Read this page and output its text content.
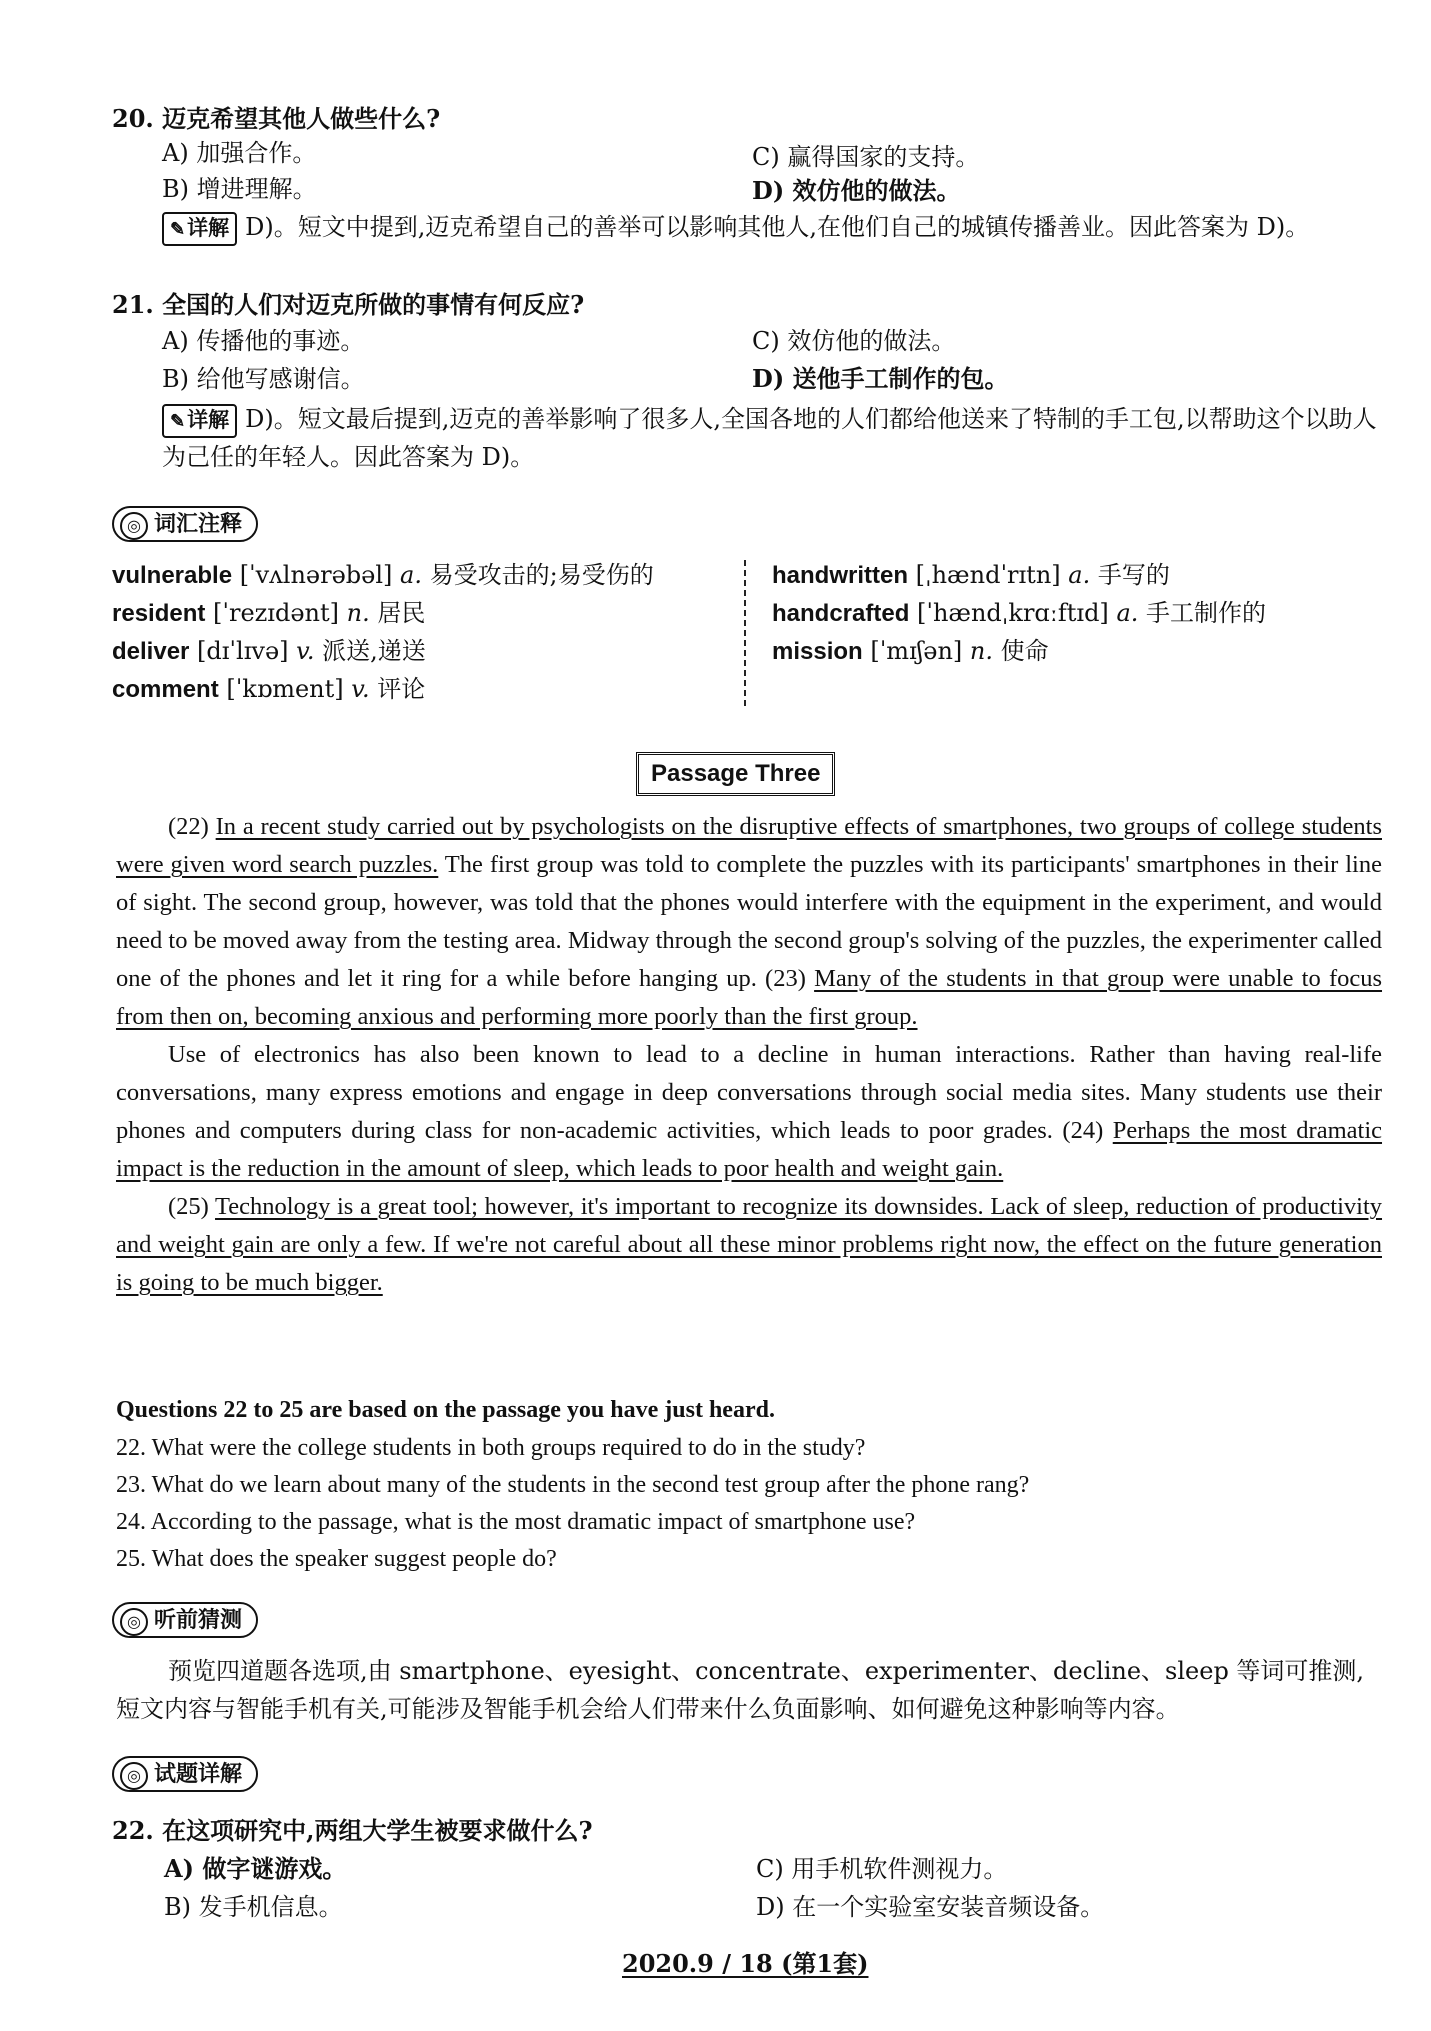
20. 迈克希望其他人做些什么?
A) 加强合作。	C) 赢得国家的支持。
B) 增进理解。	D) 效仿他的做法。
✎详解 D)。短文中提到,迈克希望自己的善举可以影响其他人,在他们自己的城镇传播善业。因此答案为 D)。
21. 全国的人们对迈克所做的事情有何反应?
A) 传播他的事迹。	C) 效仿他的做法。
B) 给他写感谢信。	D) 送他手工制作的包。
✎详解 D)。短文最后提到,迈克的善举影响了很多人,全国各地的人们都给他送来了特制的手工包,以帮助这个以助人为己任的年轻人。因此答案为 D)。
◎ 词汇注释
vulnerable [ˈvʌlnərəbəl] a. 易受攻击的;易受伤的
resident [ˈrezɪdənt] n. 居民
deliver [dɪˈlɪvə] v. 派送,递送
comment [ˈkɒment] v. 评论
handwritten [ˌhændˈrɪtn] a. 手写的
handcrafted [ˈhændˌkrɑːftɪd] a. 手工制作的
mission [ˈmɪʃən] n. 使命
Passage Three
(22) In a recent study carried out by psychologists on the disruptive effects of smartphones, two groups of college students were given word search puzzles. The first group was told to complete the puzzles with its participants' smartphones in their line of sight. The second group, however, was told that the phones would interfere with the equipment in the experiment, and would need to be moved away from the testing area. Midway through the second group's solving of the puzzles, the experimenter called one of the phones and let it ring for a while before hanging up. (23) Many of the students in that group were unable to focus from then on, becoming anxious and performing more poorly than the first group.
Use of electronics has also been known to lead to a decline in human interactions. Rather than having real-life conversations, many express emotions and engage in deep conversations through social media sites. Many students use their phones and computers during class for non-academic activities, which leads to poor grades. (24) Perhaps the most dramatic impact is the reduction in the amount of sleep, which leads to poor health and weight gain.
(25) Technology is a great tool; however, it's important to recognize its downsides. Lack of sleep, reduction of productivity and weight gain are only a few. If we're not careful about all these minor problems right now, the effect on the future generation is going to be much bigger.
Questions 22 to 25 are based on the passage you have just heard.
22. What were the college students in both groups required to do in the study?
23. What do we learn about many of the students in the second test group after the phone rang?
24. According to the passage, what is the most dramatic impact of smartphone use?
25. What does the speaker suggest people do?
◎ 听前猜测
预览四道题各选项,由 smartphone、eyesight、concentrate、experimenter、decline、sleep 等词可推测,短文内容与智能手机有关,可能涉及智能手机会给人们带来什么负面影响、如何避免这种影响等内容。
◎ 试题详解
22. 在这项研究中,两组大学生被要求做什么?
A) 做字谜游戏。	C) 用手机软件测视力。
B) 发手机信息。	D) 在一个实验室安装音频设备。
2020.9 / 18 (第1套)
